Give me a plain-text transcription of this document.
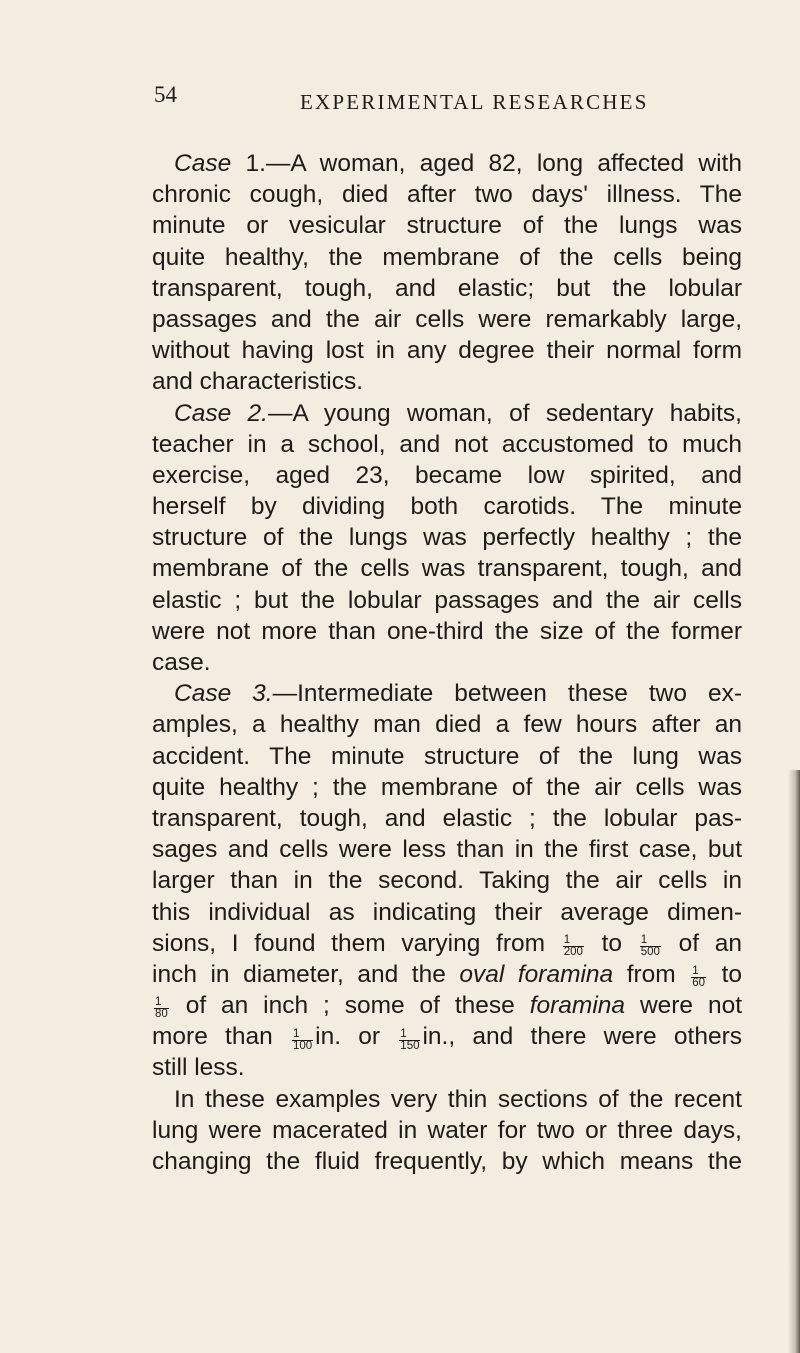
54	EXPERIMENTAL RESEARCHES
Case 1.—A woman, aged 82, long affected with
chronic cough, died after two days' illness. The
minute or vesicular structure of the lungs was
quite healthy, the membrane of the cells being
transparent, tough, and elastic; but the lobular
passages and the air cells were remarkably large,
without having lost in any degree their normal form
and characteristics.
Case 2.—A young woman, of sedentary habits,
teacher in a school, and not accustomed to much
exercise, aged 23, became low spirited, and
herself by dividing both carotids. The minute
structure of the lungs was perfectly healthy ; the
membrane of the cells was transparent, tough, and
elastic ; but the lobular passages and the air cells
were not more than one-third the size of the former
case.
Case 3.—Intermediate between these two ex-
amples, a healthy man died a few hours after an
accident. The minute structure of the lung was
quite healthy ; the membrane of the air cells was
transparent, tough, and elastic ; the lobular pas-
sages and cells were less than in the first case, but
larger than in the second. Taking the air cells in
this individual as indicating their average dimen-
sions, I found them varying from $\frac{1}{200}$ to $\frac{1}{500}$ of an
inch in diameter, and the oval foramina from $\frac{1}{60}$ to
$\frac{1}{80}$ of an inch ; some of these foramina were not
more than $\frac{1}{100}$ in. or $\frac{1}{150}$ in., and there were others
still less.
In these examples very thin sections of the recent
lung were macerated in water for two or three days,
changing the fluid frequently, by which means the
